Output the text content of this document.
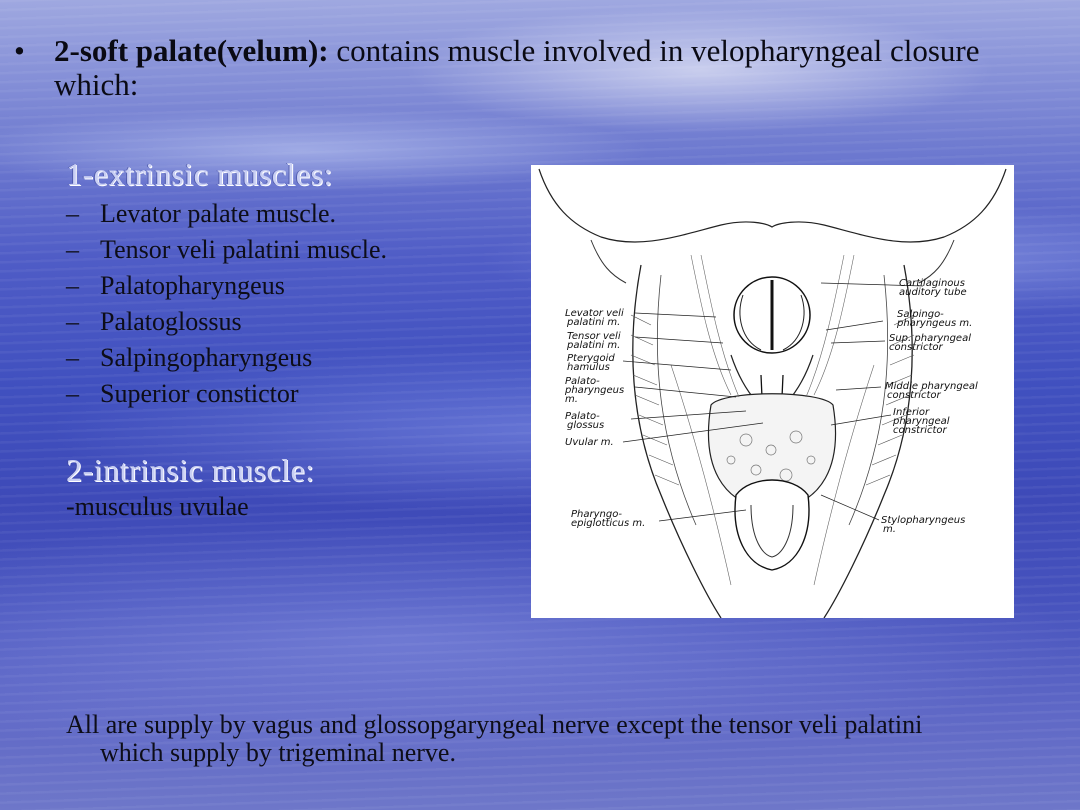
• 2-soft palate(velum): contains muscle involved in velopharyngeal closure which:
1-extrinsic muscles:
– Levator palate muscle.
– Tensor veli palatini muscle.
– Palatopharyngeus
– Palatoglossus
– Salpingopharyngeus
– Superior constictor
2-intrinsic muscle:
-musculus uvulae
Levator veli
palatini m.
Tensor veli
palatini m.
Pterygoid
hamulus
Palato-
pharyngeus
m.
Palato-
glossus
Uvular m.
Pharyngo-
epiglotticus m.
Cartilaginous
auditory tube
Salpingo-
pharyngeus m.
Sup. pharyngeal
constrictor
Middle pharyngeal
constrictor
Inferior
pharyngeal
constrictor
Stylopharyngeus
m.
All are supply by vagus and glossopgaryngeal nerve except the tensor veli palatini
which supply by trigeminal nerve.
